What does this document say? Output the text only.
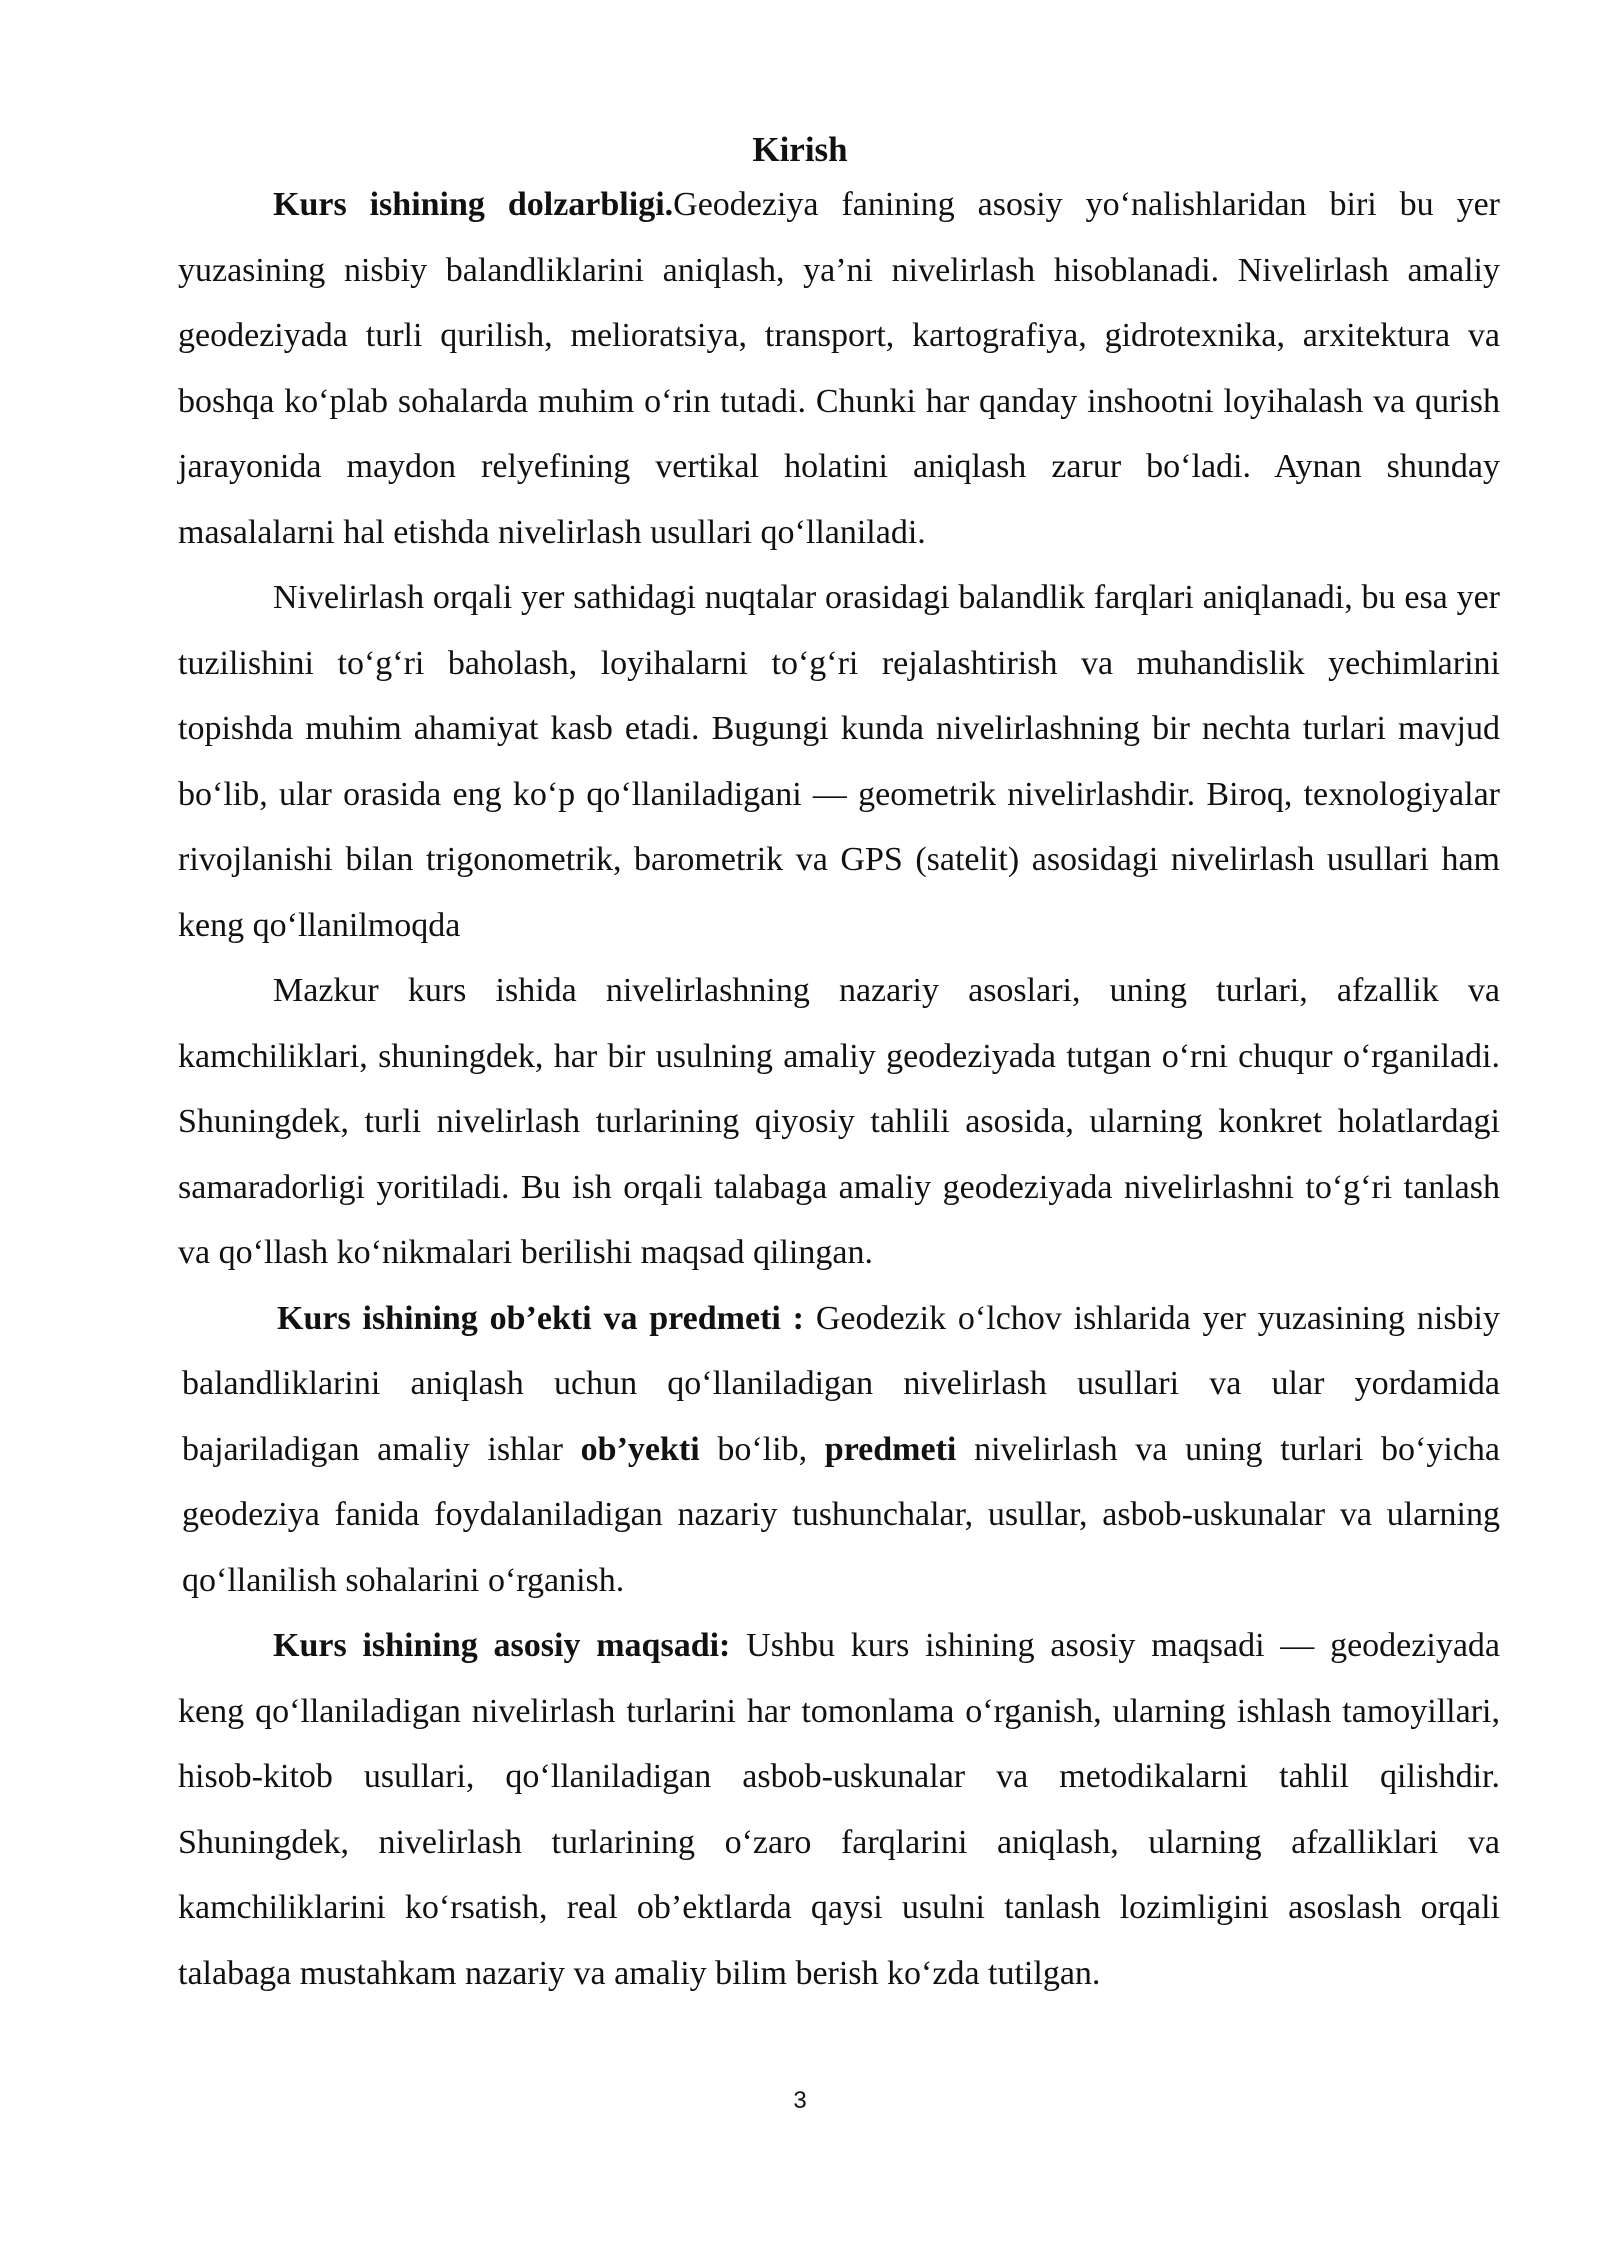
Kirish

Kurs ishining dolzarbligi.Geodeziya fanining asosiy yo‘nalishlaridan biri bu yer yuzasining nisbiy balandliklarini aniqlash, ya’ni nivelirlash hisoblanadi. Nivelirlash amaliy geodeziyada turli qurilish, melioratsiya, transport, kartografiya, gidrotexnika, arxitektura va boshqa ko‘plab sohalarda muhim o‘rin tutadi. Chunki har qanday inshootni loyihalash va qurish jarayonida maydon relyefining vertikal holatini aniqlash zarur bo‘ladi. Aynan shunday masalalarni hal etishda nivelirlash usullari qo‘llaniladi.

Nivelirlash orqali yer sathidagi nuqtalar orasidagi balandlik farqlari aniqlanadi, bu esa yer tuzilishini to‘g‘ri baholash, loyihalarni to‘g‘ri rejalashtirish va muhandislik yechimlarini topishda muhim ahamiyat kasb etadi. Bugungi kunda nivelirlashning bir nechta turlari mavjud bo‘lib, ular orasida eng ko‘p qo‘llaniladigani — geometrik nivelirlashdir. Biroq, texnologiyalar rivojlanishi bilan trigonometrik, barometrik va GPS (satelit) asosidagi nivelirlash usullari ham keng qo‘llanilmoqda

Mazkur kurs ishida nivelirlashning nazariy asoslari, uning turlari, afzallik va kamchiliklari, shuningdek, har bir usulning amaliy geodeziyada tutgan o‘rni chuqur o‘rganiladi. Shuningdek, turli nivelirlash turlarining qiyosiy tahlili asosida, ularning konkret holatlardagi samaradorligi yoritiladi. Bu ish orqali talabaga amaliy geodeziyada nivelirlashni to‘g‘ri tanlash va qo‘llash ko‘nikmalari berilishi maqsad qilingan.

Kurs ishining ob’ekti va predmeti : Geodezik o‘lchov ishlarida yer yuzasining nisbiy balandliklarini aniqlash uchun qo‘llaniladigan nivelirlash usullari va ular yordamida bajariladigan amaliy ishlar ob’yekti bo‘lib, predmeti nivelirlash va uning turlari bo‘yicha geodeziya fanida foydalaniladigan nazariy tushunchalar, usullar, asbob-uskunalar va ularning qo‘llanilish sohalarini o‘rganish.

Kurs ishining asosiy maqsadi: Ushbu kurs ishining asosiy maqsadi — geodeziyada keng qo‘llaniladigan nivelirlash turlarini har tomonlama o‘rganish, ularning ishlash tamoyillari, hisob-kitob usullari, qo‘llaniladigan asbob-uskunalar va metodikalarni tahlil qilishdir. Shuningdek, nivelirlash turlarining o‘zaro farqlarini aniqlash, ularning afzalliklari va kamchiliklarini ko‘rsatish, real ob’ektlarda qaysi usulni tanlash lozimligini asoslash orqali talabaga mustahkam nazariy va amaliy bilim berish ko‘zda tutilgan.

3
